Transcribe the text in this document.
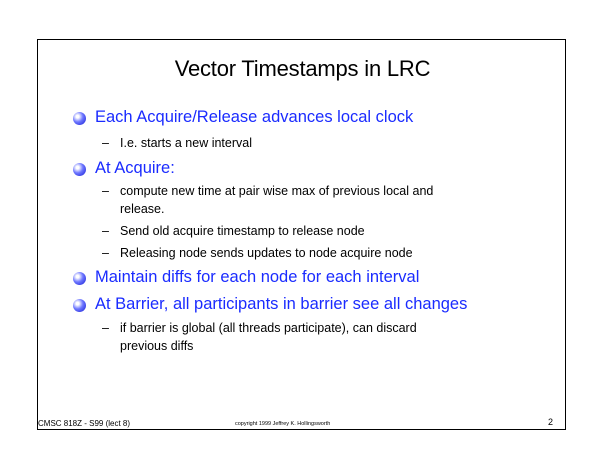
Vector Timestamps in LRC
Each Acquire/Release advances local clock
– I.e. starts a new interval
At Acquire:
– compute new time at pair wise max of previous local and
release.
– Send old acquire timestamp to release node
– Releasing node sends updates to node acquire node
Maintain diffs for each node for each interval
At Barrier, all participants in barrier see all changes
– if barrier is global (all threads participate), can discard
previous diffs
CMSC 818Z - S99 (lect 8)	copyright 1999 Jeffrey K. Hollingsworth	2
